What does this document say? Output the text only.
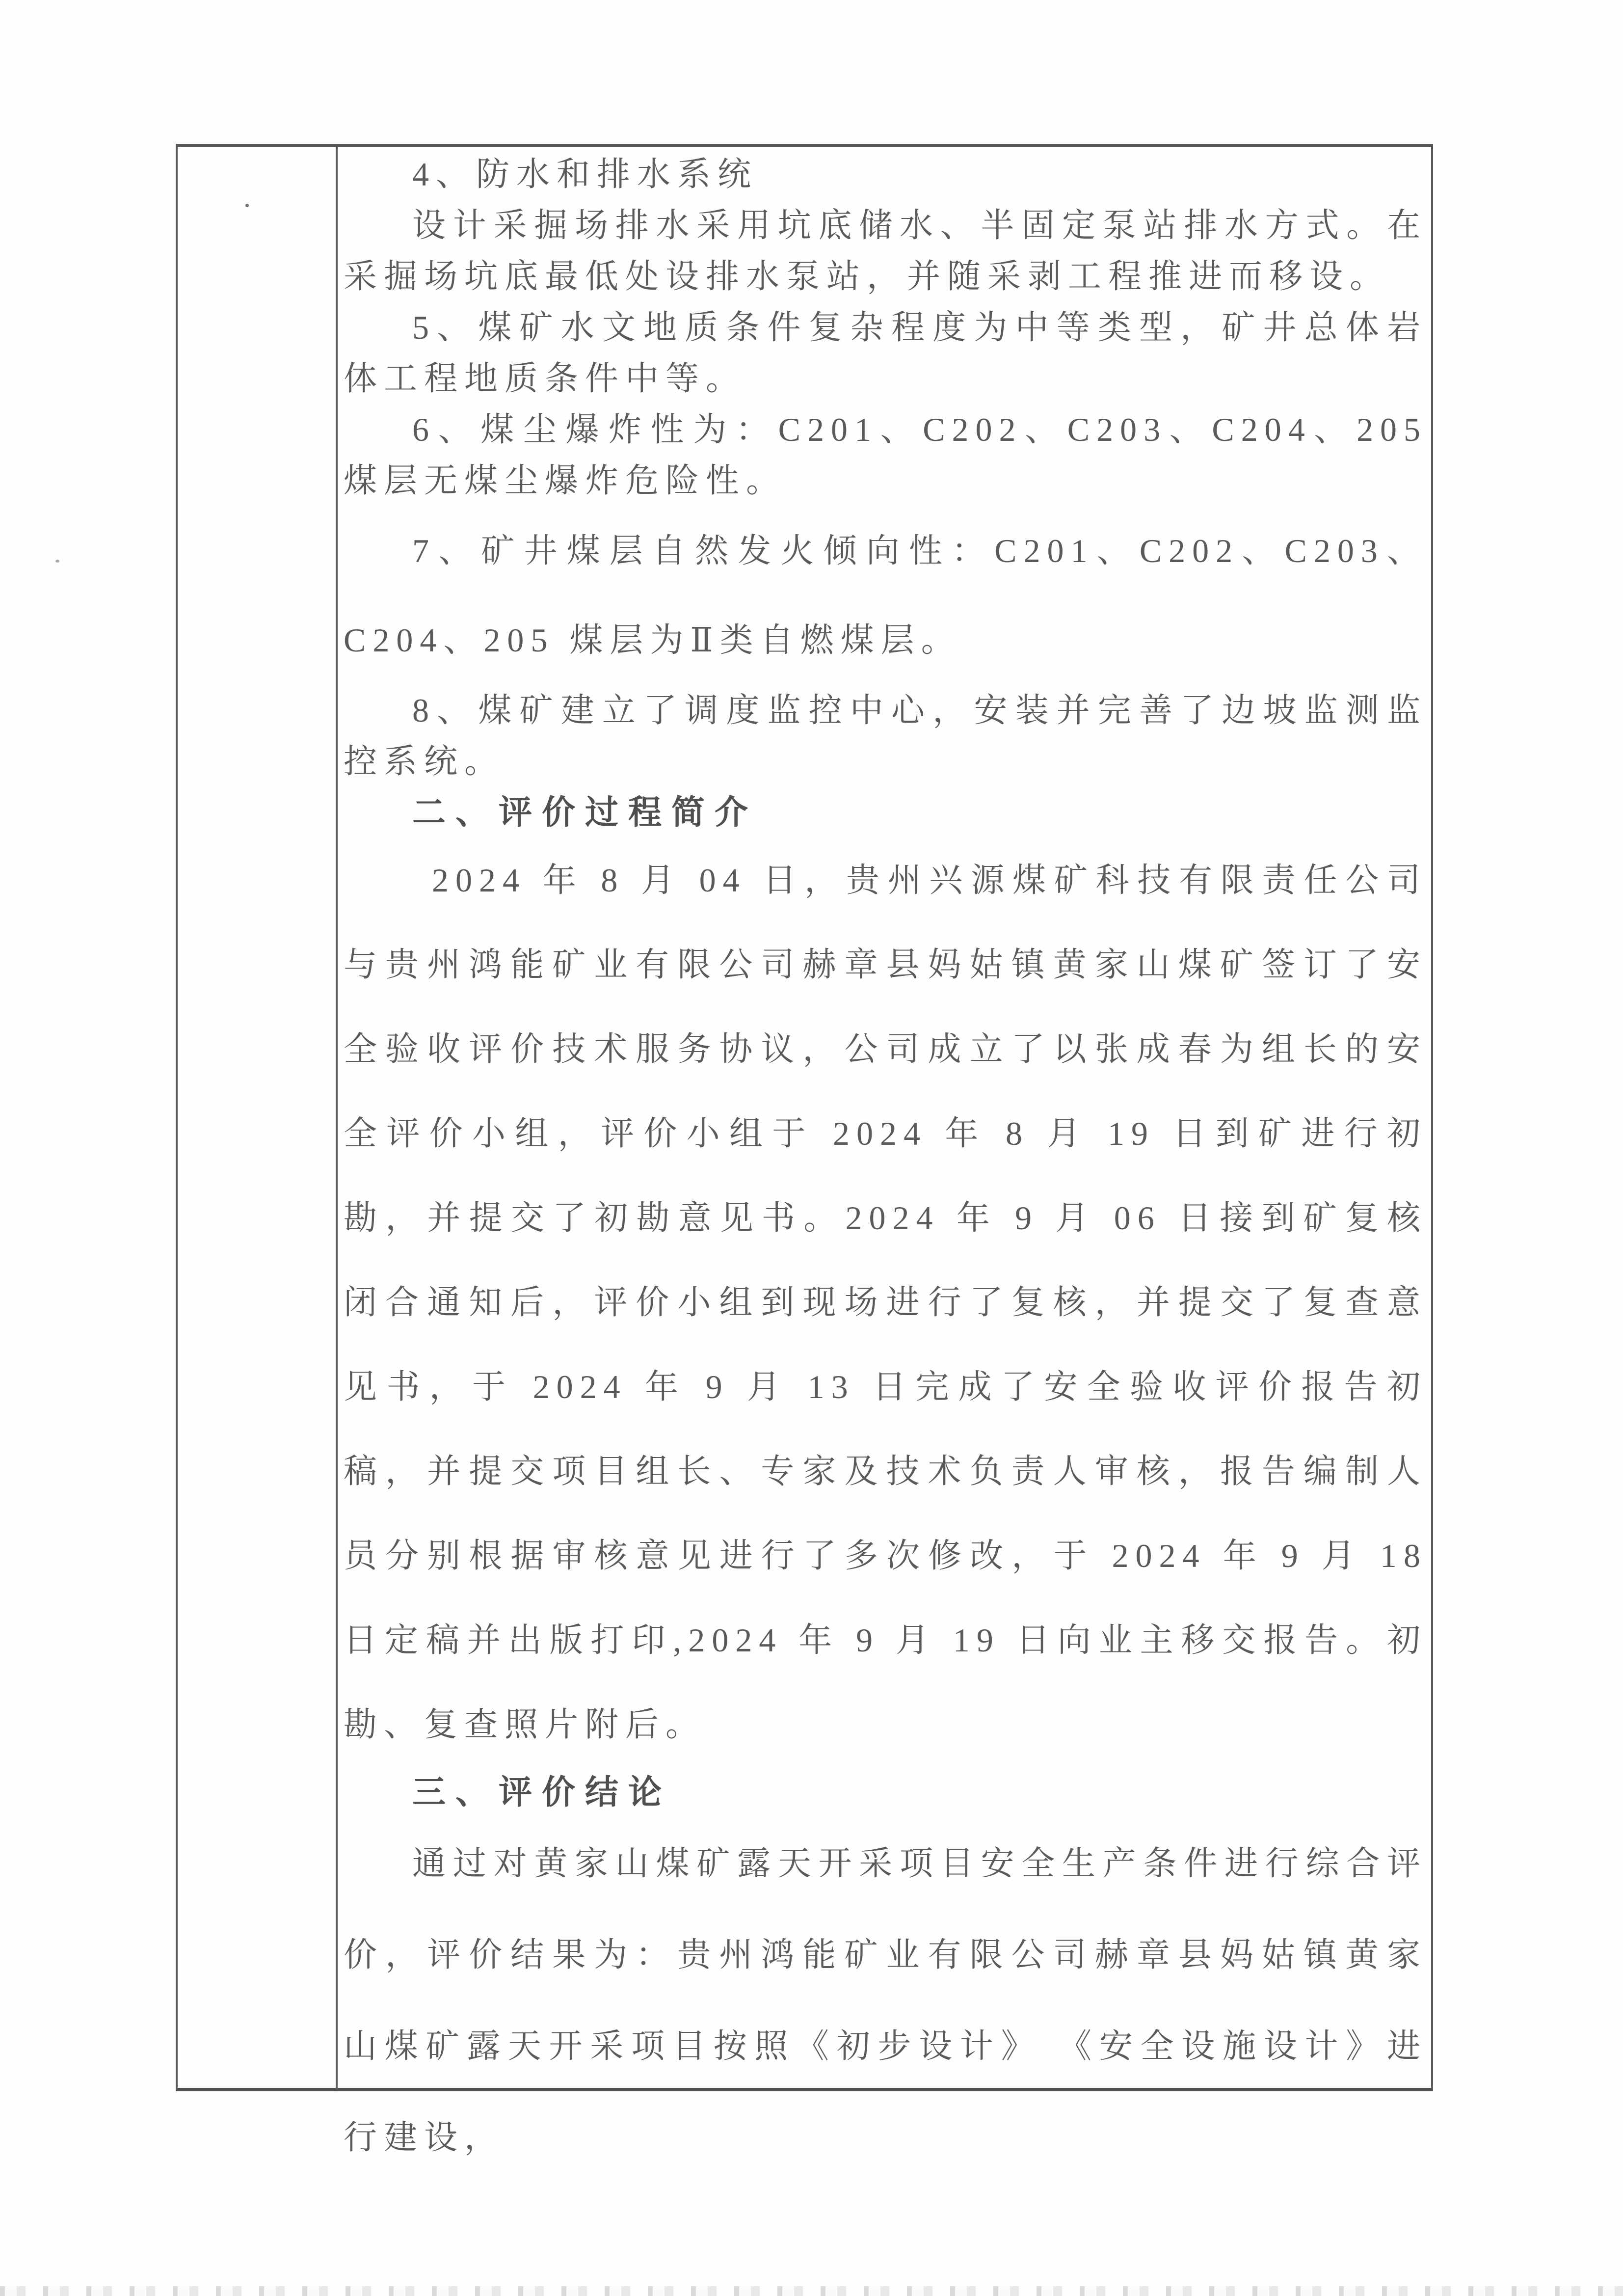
4、防水和排水系统

设计采掘场排水采用坑底储水、半固定泵站排水方式。在采掘场坑底最低处设排水泵站，并随采剥工程推进而移设。

5、煤矿水文地质条件复杂程度为中等类型，矿井总体岩体工程地质条件中等。

6、煤尘爆炸性为：C201、C202、C203、C204、205 煤层无煤尘爆炸危险性。

7、矿井煤层自然发火倾向性：C201、C202、C203、C204、205 煤层为Ⅱ类自燃煤层。

8、煤矿建立了调度监控中心，安装并完善了边坡监测监控系统。

二、评价过程简介

2024 年 8 月 04 日，贵州兴源煤矿科技有限责任公司与贵州鸿能矿业有限公司赫章县妈姑镇黄家山煤矿签订了安全验收评价技术服务协议，公司成立了以张成春为组长的安全评价小组，评价小组于 2024 年 8 月 19 日到矿进行初勘，并提交了初勘意见书。2024 年 9 月 06 日接到矿复核闭合通知后，评价小组到现场进行了复核，并提交了复查意见书，于 2024 年 9 月 13 日完成了安全验收评价报告初稿，并提交项目组长、专家及技术负责人审核，报告编制人员分别根据审核意见进行了多次修改，于 2024 年 9 月 18 日定稿并出版打印,2024 年 9 月 19 日向业主移交报告。初勘、复查照片附后。

三、评价结论

通过对黄家山煤矿露天开采项目安全生产条件进行综合评价，评价结果为：贵州鸿能矿业有限公司赫章县妈姑镇黄家山煤矿露天开采项目按照《初步设计》 《安全设施设计》进行建设，
